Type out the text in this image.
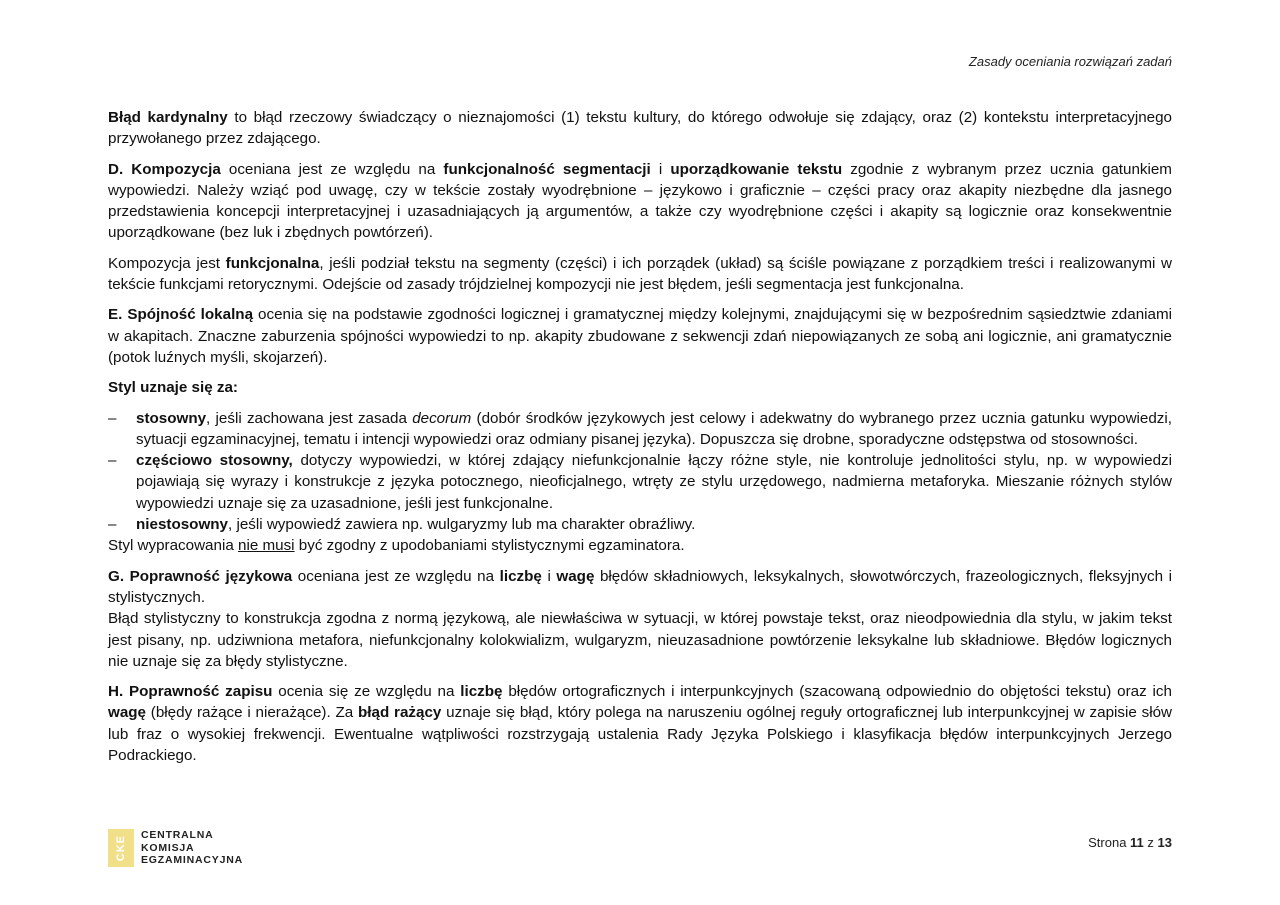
Zasady oceniania rozwiązań zadań

Błąd kardynalny to błąd rzeczowy świadczący o nieznajomości (1) tekstu kultury, do którego odwołuje się zdający, oraz (2) kontekstu interpretacyjnego przywołanego przez zdającego.

D. Kompozycja oceniana jest ze względu na funkcjonalność segmentacji i uporządkowanie tekstu zgodnie z wybranym przez ucznia gatunkiem wypowiedzi. Należy wziąć pod uwagę, czy w tekście zostały wyodrębnione – językowo i graficznie – części pracy oraz akapity niezbędne dla jasnego przedstawienia koncepcji interpretacyjnej i uzasadniających ją argumentów, a także czy wyodrębnione części i akapity są logicznie oraz konsekwentnie uporządkowane (bez luk i zbędnych powtórzeń).

Kompozycja jest funkcjonalna, jeśli podział tekstu na segmenty (części) i ich porządek (układ) są ściśle powiązane z porządkiem treści i realizowanymi w tekście funkcjami retorycznymi. Odejście od zasady trójdzielnej kompozycji nie jest błędem, jeśli segmentacja jest funkcjonalna.

E. Spójność lokalną ocenia się na podstawie zgodności logicznej i gramatycznej między kolejnymi, znajdującymi się w bezpośrednim sąsiedztwie zdaniami w akapitach. Znaczne zaburzenia spójności wypowiedzi to np. akapity zbudowane z sekwencji zdań niepowiązanych ze sobą ani logicznie, ani gramatycznie (potok luźnych myśli, skojarzeń).

Styl uznaje się za:

– stosowny, jeśli zachowana jest zasada decorum (dobór środków językowych jest celowy i adekwatny do wybranego przez ucznia gatunku wypowiedzi, sytuacji egzaminacyjnej, tematu i intencji wypowiedzi oraz odmiany pisanej języka). Dopuszcza się drobne, sporadyczne odstępstwa od stosowności.
– częściowo stosowny, dotyczy wypowiedzi, w której zdający niefunkcjonalnie łączy różne style, nie kontroluje jednolitości stylu, np. w wypowiedzi pojawiają się wyrazy i konstrukcje z języka potocznego, nieoficjalnego, wtręty ze stylu urzędowego, nadmierna metaforyka. Mieszanie różnych stylów wypowiedzi uznaje się za uzasadnione, jeśli jest funkcjonalne.
– niestosowny, jeśli wypowiedź zawiera np. wulgaryzmy lub ma charakter obraźliwy.

Styl wypracowania nie musi być zgodny z upodobaniami stylistycznymi egzaminatora.

G. Poprawność językowa oceniana jest ze względu na liczbę i wagę błędów składniowych, leksykalnych, słowotwórczych, frazeologicznych, fleksyjnych i stylistycznych.

Błąd stylistyczny to konstrukcja zgodna z normą językową, ale niewłaściwa w sytuacji, w której powstaje tekst, oraz nieodpowiednia dla stylu, w jakim tekst jest pisany, np. udziwniona metafora, niefunkcjonalny kolokwializm, wulgaryzm, nieuzasadnione powtórzenie leksykalne lub składniowe. Błędów logicznych nie uznaje się za błędy stylistyczne.

H. Poprawność zapisu ocenia się ze względu na liczbę błędów ortograficznych i interpunkcyjnych (szacowaną odpowiednio do objętości tekstu) oraz ich wagę (błędy rażące i nierażące). Za błąd rażący uznaje się błąd, który polega na naruszeniu ogólnej reguły ortograficznej lub interpunkcyjnej w zapisie słów lub fraz o wysokiej frekwencji. Ewentualne wątpliwości rozstrzygają ustalenia Rady Języka Polskiego i klasyfikacja błędów interpunkcyjnych Jerzego Podrackiego.

CKE CENTRALNA
KOMISJA
EGZAMINACYJNA
Strona 11 z 13
